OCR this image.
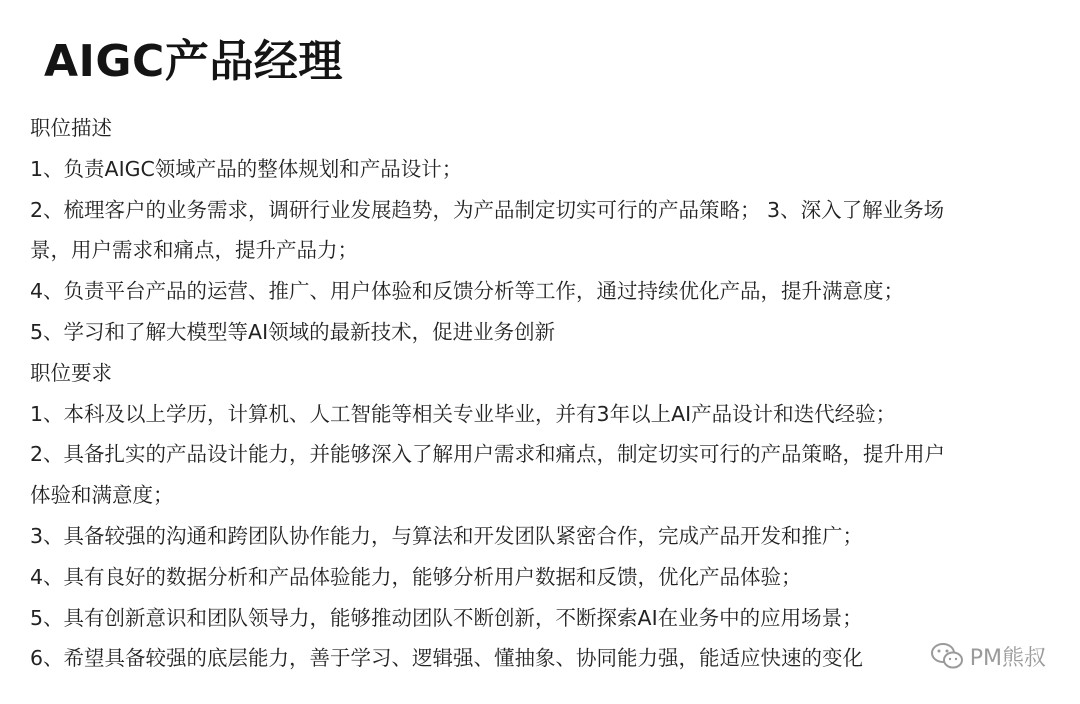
AIGC产品经理
职位描述
1、负责AIGC领域产品的整体规划和产品设计；
2、梳理客户的业务需求，调研行业发展趋势，为产品制定切实可行的产品策略； 3、深入了解业务场
景，用户需求和痛点，提升产品力；
4、负责平台产品的运营、推广、用户体验和反馈分析等工作，通过持续优化产品，提升满意度；
5、学习和了解大模型等AI领域的最新技术，促进业务创新
职位要求
1、本科及以上学历，计算机、人工智能等相关专业毕业，并有3年以上AI产品设计和迭代经验；
2、具备扎实的产品设计能力，并能够深入了解用户需求和痛点，制定切实可行的产品策略，提升用户
体验和满意度；
3、具备较强的沟通和跨团队协作能力，与算法和开发团队紧密合作，完成产品开发和推广；
4、具有良好的数据分析和产品体验能力，能够分析用户数据和反馈，优化产品体验；
5、具有创新意识和团队领导力，能够推动团队不断创新，不断探索AI在业务中的应用场景；
6、希望具备较强的底层能力，善于学习、逻辑强、懂抽象、协同能力强，能适应快速的变化	PM熊叔
